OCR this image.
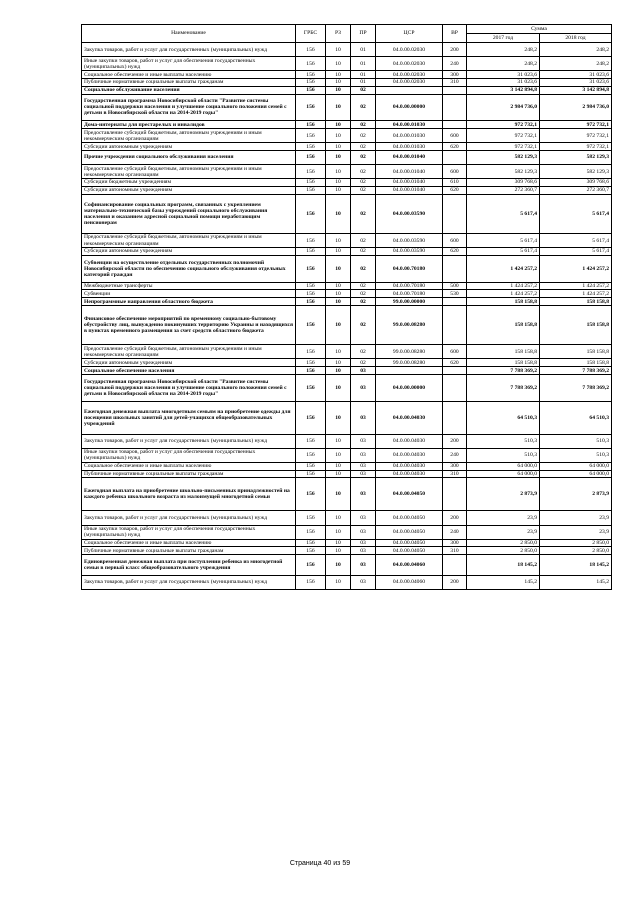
Наименование	ГРБС	РЗ	ПР	ЦСР	ВР	Сумма	
						2017 год	2018 год
Закупка товаров, работ и услуг для государственных (муниципальных) нужд	156	10	01	04.0.00.02030	200	248,2	248,2
Иные закупки товаров, работ и услуг для обеспечения государственных (муниципальных) нужд	156	10	01	04.0.00.02030	240	248,2	248,2
Социальное обеспечение и иные выплаты населению	156	10	01	04.0.00.02030	300	31 023,6	31 023,6
Публичные нормативные социальные выплаты гражданам	156	10	01	04.0.00.02030	310	31 023,6	31 023,6
Социальное обслуживание населения	156	10	02			3 142 894,8	3 142 894,8
Государственная программа Новосибирской области "Развитие системы социальной поддержки населения и улучшение социального положения семей с детьми в Новосибирской области на 2014-2019 годы"	156	10	02	04.0.00.00000		2 984 736,0	2 984 736,0
Дома-интернаты для престарелых и инвалидов	156	10	02	04.0.00.01030		972 732,1	972 732,1
Предоставление субсидий бюджетным, автономным учреждениям и иным некоммерческим организациям	156	10	02	04.0.00.01030	600	972 732,1	972 732,1
Субсидии автономным учреждениям	156	10	02	04.0.00.01030	620	972 732,1	972 732,1
Прочие учреждения социального обслуживания населения	156	10	02	04.0.00.01040		582 129,3	582 129,3
Предоставление субсидий бюджетным, автономным учреждениям и иным некоммерческим организациям	156	10	02	04.0.00.01040	600	582 129,3	582 129,3
Субсидии бюджетным учреждениям	156	10	02	04.0.00.01040	610	309 768,6	309 768,6
Субсидии автономным учреждениям	156	10	02	04.0.00.01040	620	272 360,7	272 360,7
Софинансирование социальных программ, связанных с укреплением материально-технической базы учреждений социального обслуживания населения и оказанием адресной социальной помощи неработающим пенсионерам	156	10	02	04.0.00.03590		5 617,4	5 617,4
Предоставление субсидий бюджетным, автономным учреждениям и иным некоммерческим организациям	156	10	02	04.0.00.03590	600	5 617,4	5 617,4
Субсидии автономным учреждениям	156	10	02	04.0.00.03590	620	5 617,4	5 617,4
Субвенции на осуществление отдельных государственных полномочий Новосибирской области по обеспечению социального обслуживания отдельных категорий граждан	156	10	02	04.0.00.70180		1 424 257,2	1 424 257,2
Межбюджетные трансферты	156	10	02	04.0.00.70180	500	1 424 257,2	1 424 257,2
Субвенции	156	10	02	04.0.00.70180	530	1 424 257,2	1 424 257,2
Непрограммные направления областного бюджета	156	10	02	99.0.00.00000		158 158,8	158 158,8
Финансовое обеспечение мероприятий по временному социально-бытовому обустройству лиц, вынужденно покинувших территорию Украины и находящихся в пунктах временного размещения за счет средств областного бюджета	156	10	02	99.0.00.08280		158 158,8	158 158,8
Предоставление субсидий бюджетным, автономным учреждениям и иным некоммерческим организациям	156	10	02	99.0.00.08280	600	158 158,8	158 158,8
Субсидии автономным учреждениям	156	10	02	99.0.00.08280	620	158 158,8	158 158,8
Социальное обеспечение населения	156	10	03			7 788 369,2	7 788 369,2
Государственная программа Новосибирской области "Развитие системы социальной поддержки населения и улучшение социального положения семей с детьми в Новосибирской области на 2014-2019 годы"	156	10	03	04.0.00.00000		7 788 369,2	7 788 369,2
Ежегодная денежная выплата многодетным семьям на приобретение одежды для посещения школьных занятий для детей-учащихся общеобразовательных учреждений	156	10	03	04.0.00.04030		64 510,3	64 510,3
Закупка товаров, работ и услуг для государственных (муниципальных) нужд	156	10	03	04.0.00.04030	200	510,3	510,3
Иные закупки товаров, работ и услуг для обеспечения государственных (муниципальных) нужд	156	10	03	04.0.00.04030	240	510,3	510,3
Социальное обеспечение и иные выплаты населению	156	10	03	04.0.00.04030	300	64 000,0	64 000,0
Публичные нормативные социальные выплаты гражданам	156	10	03	04.0.00.04030	310	64 000,0	64 000,0
Ежегодная выплата на приобретение школьно-письменных принадлежностей на каждого ребенка школьного возраста из малоимущей многодетной семьи	156	10	03	04.0.00.04050		2 873,9	2 873,9
Закупка товаров, работ и услуг для государственных (муниципальных) нужд	156	10	03	04.0.00.04050	200	23,9	23,9
Иные закупки товаров, работ и услуг для обеспечения государственных (муниципальных) нужд	156	10	03	04.0.00.04050	240	23,9	23,9
Социальное обеспечение и иные выплаты населению	156	10	03	04.0.00.04050	300	2 850,0	2 850,0
Публичные нормативные социальные выплаты гражданам	156	10	03	04.0.00.04050	310	2 850,0	2 850,0
Единовременная денежная выплата при поступлении ребенка из многодетной семьи в первый класс общеобразовательного учреждения	156	10	03	04.0.00.04060		18 145,2	18 145,2
Закупка товаров, работ и услуг для государственных (муниципальных) нужд	156	10	03	04.0.00.04060	200	145,2	145,2
Страница 40 из 59
